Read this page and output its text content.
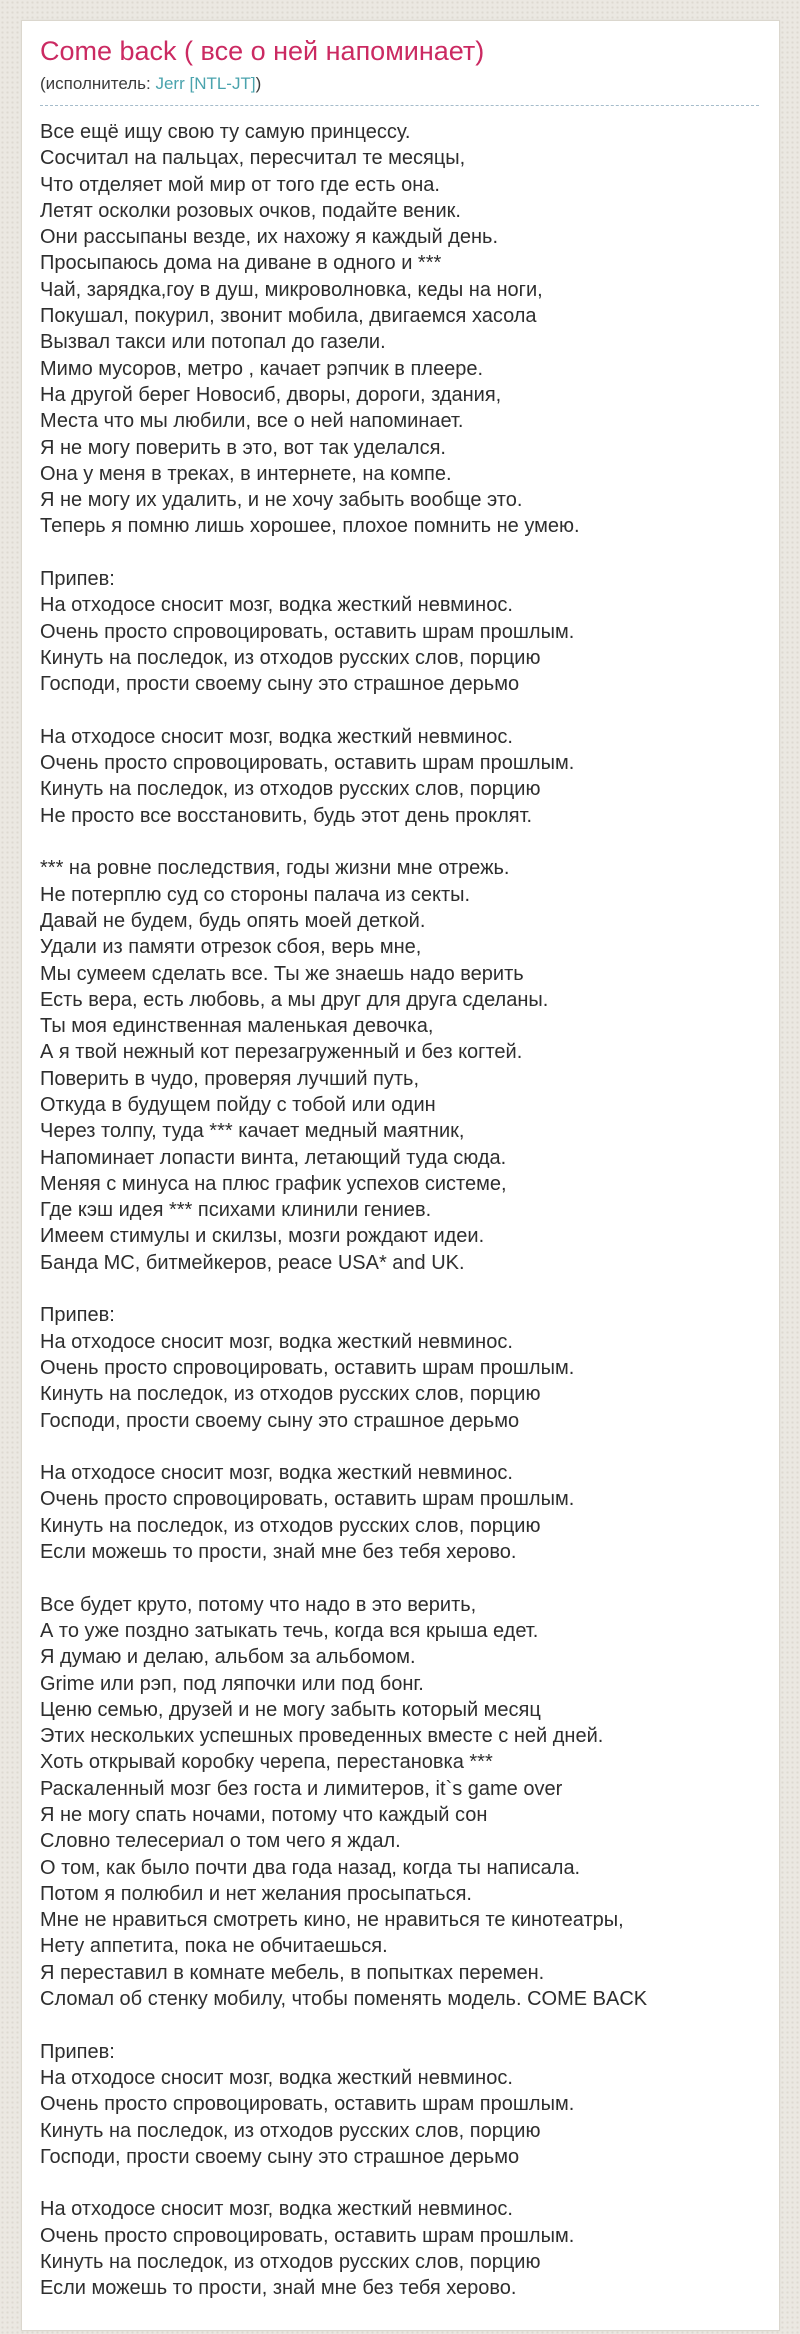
Come back ( все о ней напоминает)
(исполнитель: Jerr [NTL-JT])
Все ещё ищу свою ту самую принцессу.
Сосчитал на пальцах, пересчитал те месяцы,
Что отделяет мой мир от того где есть она.
Летят осколки розовых очков, подайте веник.
Они рассыпаны везде, их нахожу я каждый день.
Просыпаюсь дома на диване в одного и ***
Чай, зарядка,гоу в душ, микроволновка, кеды на ноги,
Покушал, покурил, звонит мобила, двигаемся хасола
Вызвал такси или потопал до газели.
Мимо мусоров, метро , качает рэпчик в плеере.
На другой берег Новосиб, дворы, дороги, здания,
Места что мы любили, все о ней напоминает.
Я не могу поверить в это, вот так уделался.
Она у меня в треках, в интернете, на компе.
Я не могу их удалить, и не хочу забыть вообще это.
Теперь я помню лишь хорошее, плохое помнить не умею.
Припев:
На отходосе сносит мозг, водка жесткий невминос.
Очень просто спровоцировать, оставить шрам прошлым.
Кинуть на последок, из отходов русских слов, порцию
Господи, прости своему сыну это страшное дерьмо
На отходосе сносит мозг, водка жесткий невминос.
Очень просто спровоцировать, оставить шрам прошлым.
Кинуть на последок, из отходов русских слов, порцию
Не просто все восстановить, будь этот день проклят.
*** на ровне последствия, годы жизни мне отрежь.
Не потерплю суд со стороны палача из секты.
Давай не будем, будь опять моей деткой.
Удали из памяти отрезок сбоя, верь мне,
Мы сумеем сделать все. Ты же знаешь надо верить
Есть вера, есть любовь, а мы друг для друга сделаны.
Ты моя единственная маленькая девочка,
А я твой нежный кот перезагруженный и без когтей.
Поверить в чудо, проверяя лучший путь,
Откуда в будущем пойду с тобой или один
Через толпу, туда *** качает медный маятник,
Напоминает лопасти винта, летающий туда сюда.
Меняя с минуса на плюс график успехов системе,
Где кэш идея *** психами клинили гениев.
Имеем стимулы и скилзы, мозги рождают идеи.
Банда MC, битмейкеров, peace USA* and UK.
Припев:
На отходосе сносит мозг, водка жесткий невминос.
Очень просто спровоцировать, оставить шрам прошлым.
Кинуть на последок, из отходов русских слов, порцию
Господи, прости своему сыну это страшное дерьмо
На отходосе сносит мозг, водка жесткий невминос.
Очень просто спровоцировать, оставить шрам прошлым.
Кинуть на последок, из отходов русских слов, порцию
Если можешь то прости, знай мне без тебя херово.
Все будет круто, потому что надо в это верить,
А то уже поздно затыкать течь, когда вся крыша едет.
Я думаю и делаю, альбом за альбомом.
Grime или рэп, под ляпочки или под бонг.
Ценю семью, друзей и не могу забыть который месяц
Этих нескольких успешных проведенных вместе с ней дней.
Хоть открывай коробку черепа, перестановка ***
Раскаленный мозг без госта и лимитеров, it`s game over
Я не могу спать ночами, потому что каждый сон
Словно телесериал о том чего я ждал.
О том, как было почти два года назад, когда ты написала.
Потом я полюбил и нет желания просыпаться.
Мне не нравиться смотреть кино, не нравиться те кинотеатры,
Нету аппетита, пока не обчитаешься.
Я переставил в комнате мебель, в попытках перемен.
Сломал об стенку мобилу, чтобы поменять модель. COME BACK
Припев:
На отходосе сносит мозг, водка жесткий невминос.
Очень просто спровоцировать, оставить шрам прошлым.
Кинуть на последок, из отходов русских слов, порцию
Господи, прости своему сыну это страшное дерьмо
На отходосе сносит мозг, водка жесткий невминос.
Очень просто спровоцировать, оставить шрам прошлым.
Кинуть на последок, из отходов русских слов, порцию
Если можешь то прости, знай мне без тебя херово.
